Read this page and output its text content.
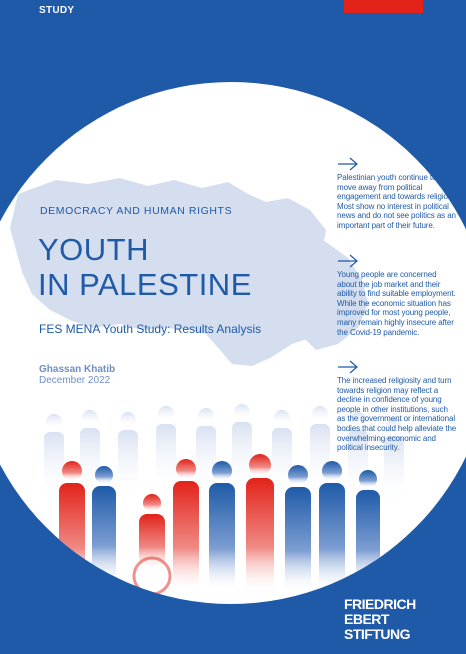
STUDY
DEMOCRACY AND HUMAN RIGHTS
YOUTH
IN PALESTINE
FES MENA Youth Study: Results Analysis
Ghassan Khatib
December 2022
Palestinian youth continue to move away from political engagement and towards religion. Most show no interest in political news and do not see politics as an important part of their future.
Young people are concerned about the job market and their ability to find suitable employment. While the economic situation has improved for most young people, many remain highly insecure after the Covid-19 pandemic.
The increased religiosity and turn towards religion may reflect a decline in confidence of young people in other institutions, such as the government or international bodies that could help alleviate the overwhelming economic and political insecurity.
FRIEDRICH
EBERT
STIFTUNG
